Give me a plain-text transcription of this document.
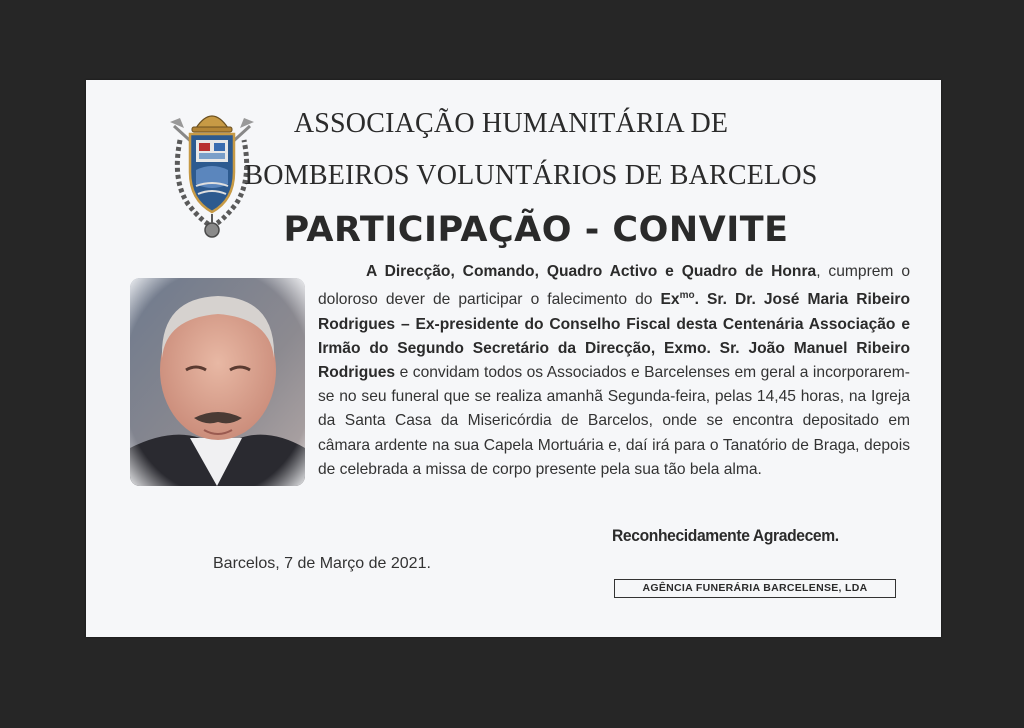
ASSOCIAÇÃO HUMANITÁRIA DE
BOMBEIROS VOLUNTÁRIOS DE BARCELOS
PARTICIPAÇÃO - CONVITE

A Direcção, Comando, Quadro Activo e Quadro de Honra, cumprem o doloroso dever de participar o falecimento do $Ex^{mo}$. Sr. Dr. José Maria Ribeiro Rodrigues – Ex-presidente do Conselho Fiscal desta Centenária Associação e Irmão do Segundo Secretário da Direcção, Exmo. Sr. João Manuel Ribeiro Rodrigues e convidam todos os Associados e Barcelenses em geral a incorporarem-se no seu funeral que se realiza amanhã Segunda-feira, pelas 14,45 horas, na Igreja da Santa Casa da Misericórdia de Barcelos, onde se encontra depositado em câmara ardente na sua Capela Mortuária e, daí irá para o Tanatório de Braga, depois de celebrada a missa de corpo presente pela sua tão bela alma.

Reconhecidamente Agradecem.
Barcelos, 7 de Março de 2021.
AGÊNCIA FUNERÁRIA BARCELENSE, LDA
